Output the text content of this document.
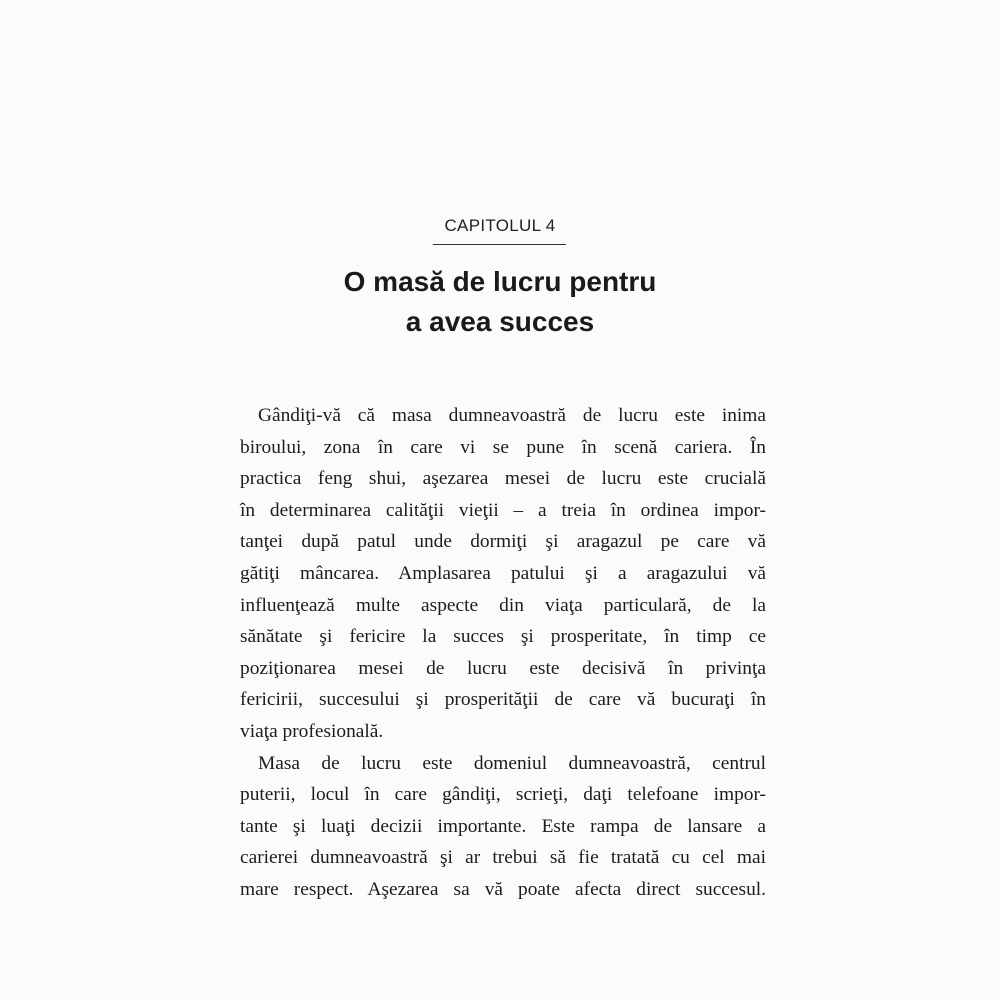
CAPITOLUL 4
O masă de lucru pentru
a avea succes
Gândiţi-vă că masa dumneavoastră de lucru este inima
biroului, zona în care vi se pune în scenă cariera. În
practica feng shui, aşezarea mesei de lucru este crucială
în determinarea calităţii vieţii – a treia în ordinea impor-
tanţei după patul unde dormiţi şi aragazul pe care vă
gătiţi mâncarea. Amplasarea patului şi a aragazului vă
influenţează multe aspecte din viaţa particulară, de la
sănătate şi fericire la succes şi prosperitate, în timp ce
poziţionarea mesei de lucru este decisivă în privinţa
fericirii, succesului şi prosperităţii de care vă bucuraţi în
viaţa profesională.
Masa de lucru este domeniul dumneavoastră, centrul
puterii, locul în care gândiţi, scrieţi, daţi telefoane impor-
tante şi luaţi decizii importante. Este rampa de lansare a
carierei dumneavoastră şi ar trebui să fie tratată cu cel mai
mare respect. Aşezarea sa vă poate afecta direct succesul.
